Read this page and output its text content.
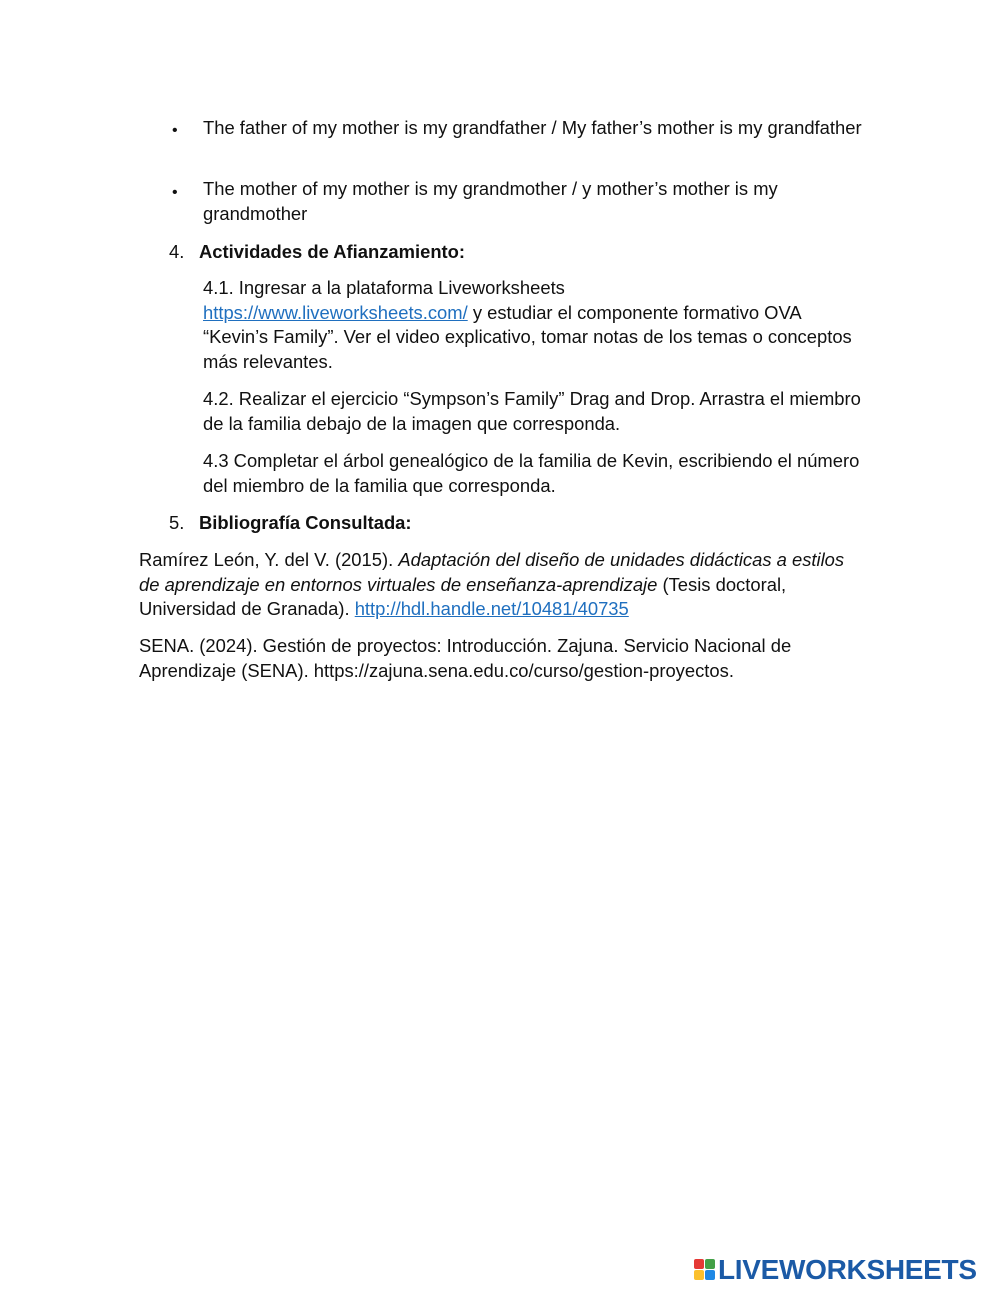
• The father of my mother is my grandfather / My father’s mother is my grandfather

• The mother of my mother is my grandmother / y mother’s mother is my grandmother

4. Actividades de Afianzamiento:

4.1. Ingresar a la plataforma Liveworksheets
https://www.liveworksheets.com/ y estudiar el componente formativo OVA “Kevin’s Family”. Ver el video explicativo, tomar notas de los temas o conceptos más relevantes.

4.2. Realizar el ejercicio “Sympson’s Family” Drag and Drop. Arrastra el miembro de la familia debajo de la imagen que corresponda.

4.3 Completar el árbol genealógico de la familia de Kevin, escribiendo el número del miembro de la familia que corresponda.

5. Bibliografía Consultada:

Ramírez León, Y. del V. (2015). Adaptación del diseño de unidades didácticas a estilos de aprendizaje en entornos virtuales de enseñanza-aprendizaje (Tesis doctoral, Universidad de Granada). http://hdl.handle.net/10481/40735

SENA. (2024). Gestión de proyectos: Introducción. Zajuna. Servicio Nacional de Aprendizaje (SENA). https://zajuna.sena.edu.co/curso/gestion-proyectos.

LIVEWORKSHEETS
